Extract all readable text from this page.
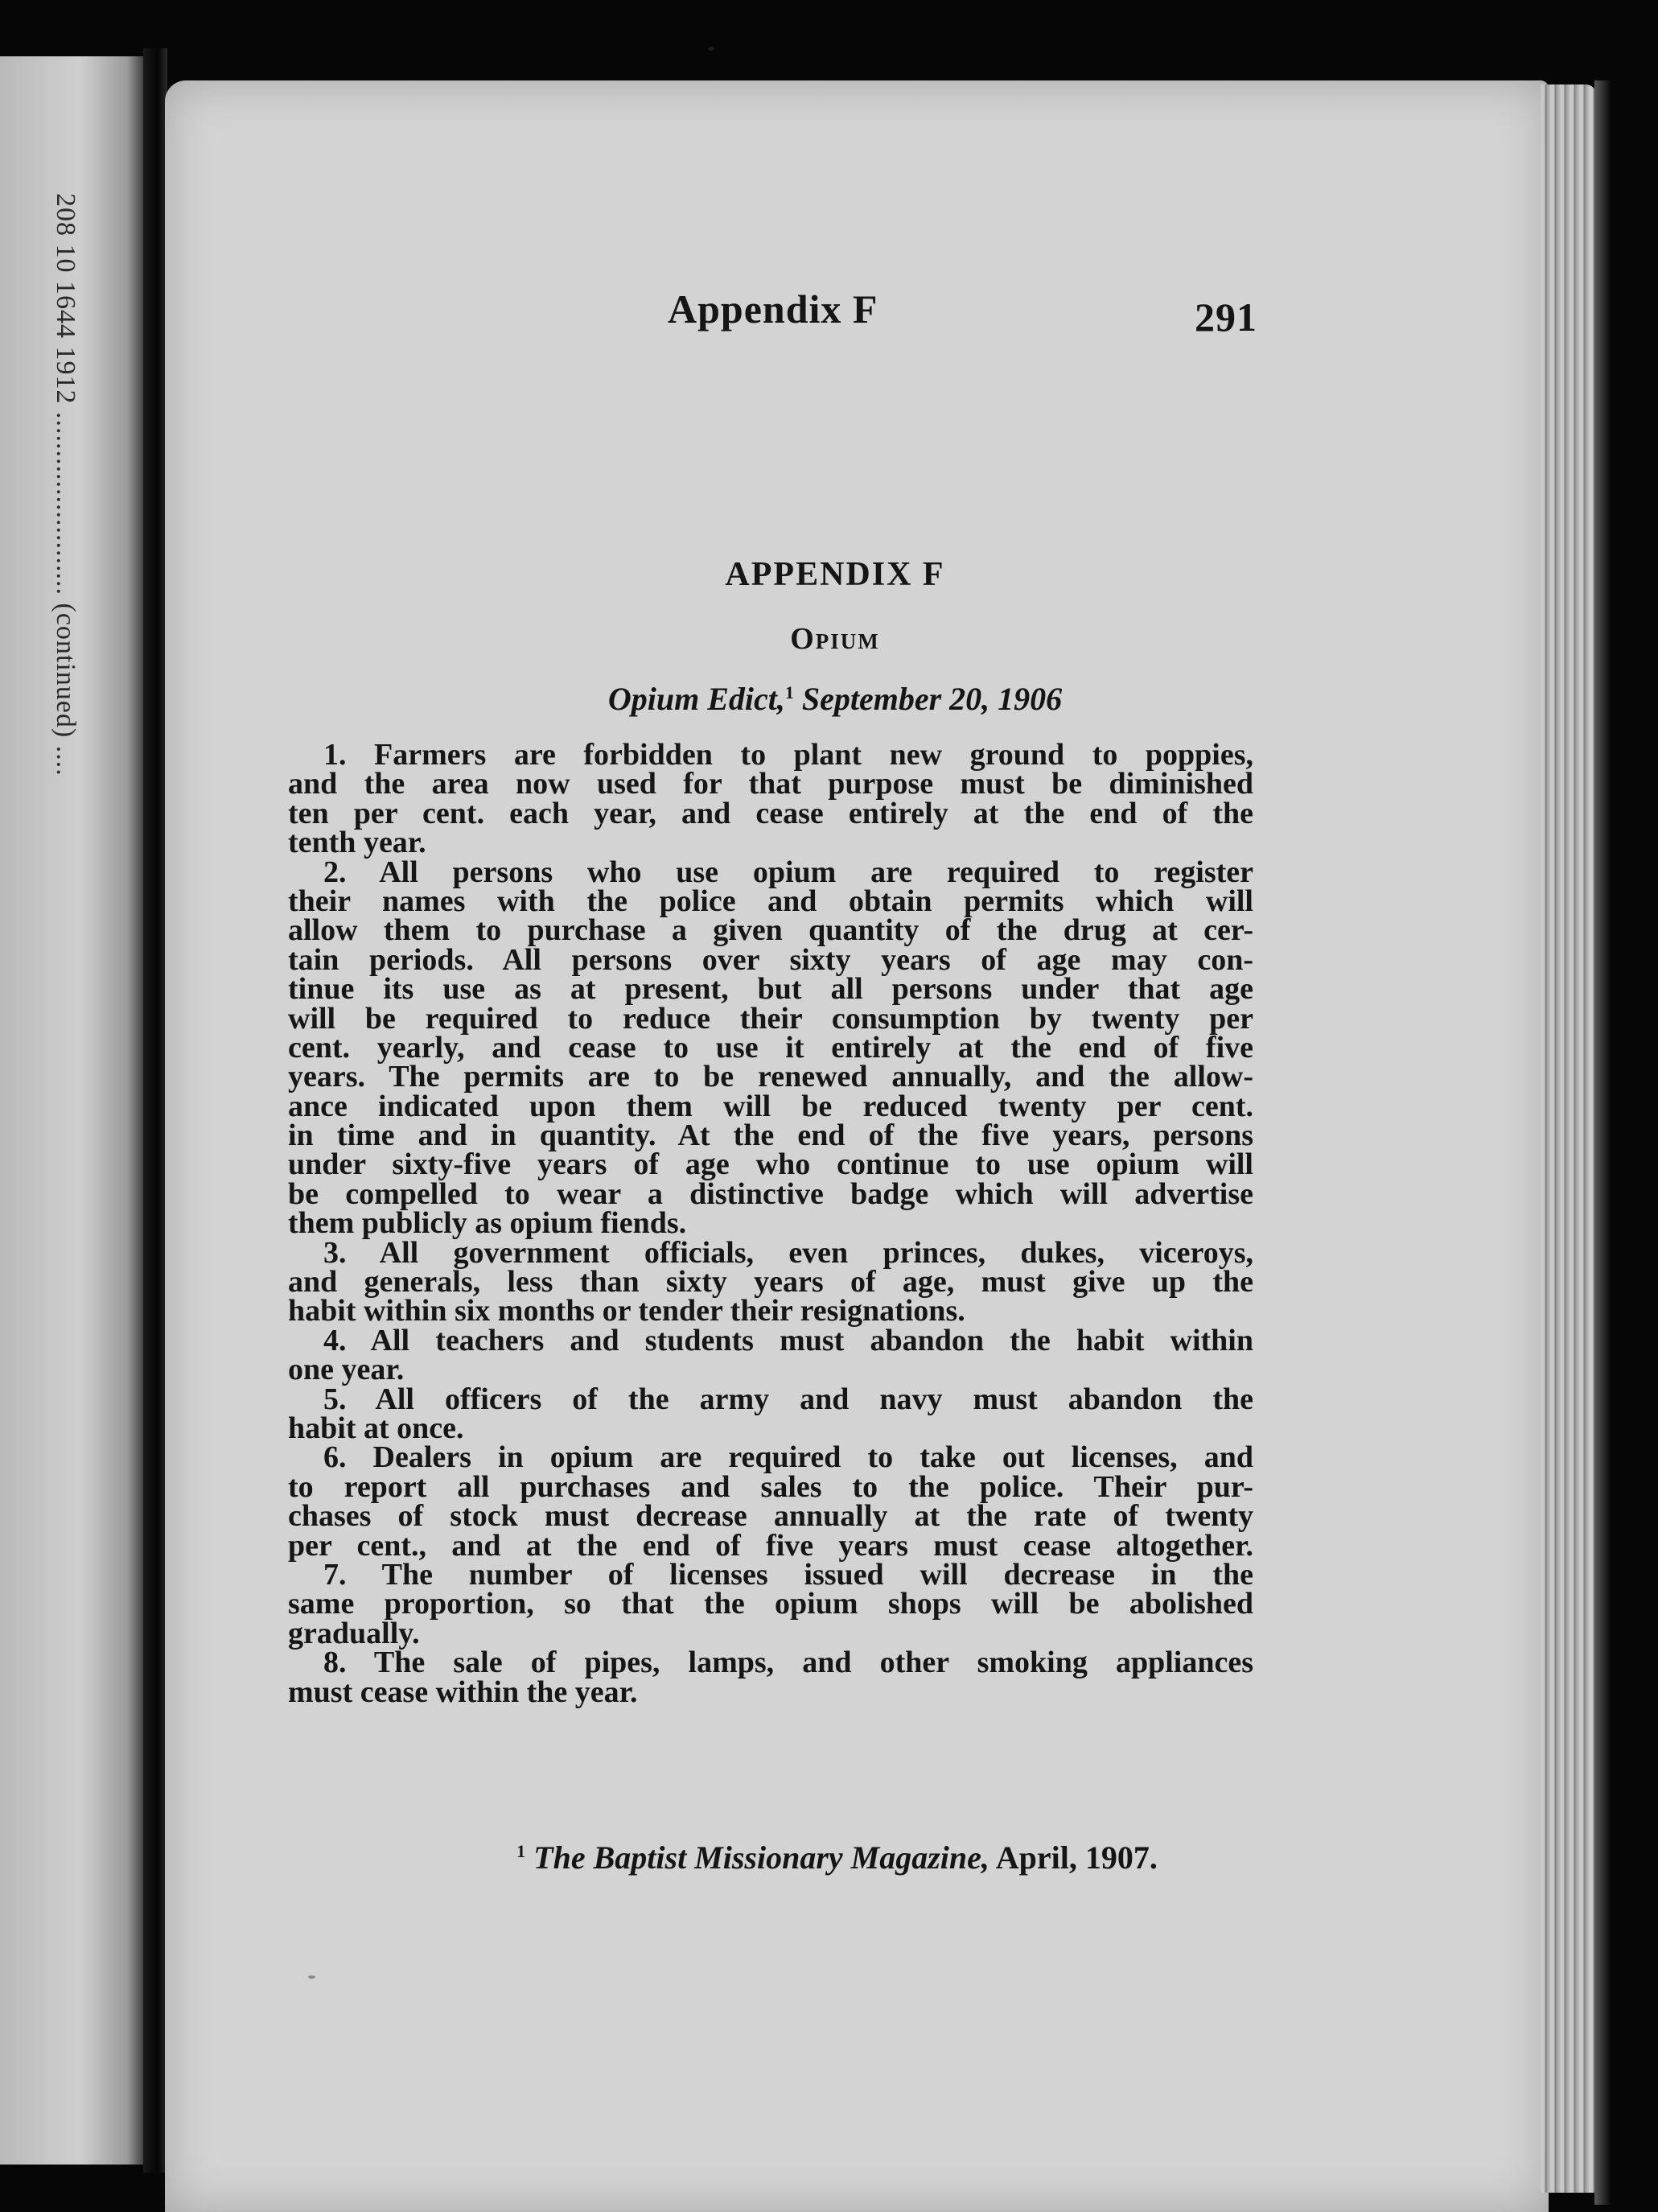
208 10 1644 1912 ........................ (continued) ....	Appendix F	291
APPENDIX F
Opium
Opium Edict,$^1$ September 20, 1906
1. Farmers are forbidden to plant new ground to poppies,
and the area now used for that purpose must be diminished
ten per cent. each year, and cease entirely at the end of the
tenth year.
2. All persons who use opium are required to register
their names with the police and obtain permits which will
allow them to purchase a given quantity of the drug at cer-
tain periods. All persons over sixty years of age may con-
tinue its use as at present, but all persons under that age
will be required to reduce their consumption by twenty per
cent. yearly, and cease to use it entirely at the end of five
years. The permits are to be renewed annually, and the allow-
ance indicated upon them will be reduced twenty per cent.
in time and in quantity. At the end of the five years, persons
under sixty-five years of age who continue to use opium will
be compelled to wear a distinctive badge which will advertise
them publicly as opium fiends.
3. All government officials, even princes, dukes, viceroys,
and generals, less than sixty years of age, must give up the
habit within six months or tender their resignations.
4. All teachers and students must abandon the habit within
one year.
5. All officers of the army and navy must abandon the
habit at once.
6. Dealers in opium are required to take out licenses, and
to report all purchases and sales to the police. Their pur-
chases of stock must decrease annually at the rate of twenty
per cent., and at the end of five years must cease altogether.
7. The number of licenses issued will decrease in the
same proportion, so that the opium shops will be abolished
gradually.
8. The sale of pipes, lamps, and other smoking appliances
must cease within the year.
$^1$ The Baptist Missionary Magazine, April, 1907.
